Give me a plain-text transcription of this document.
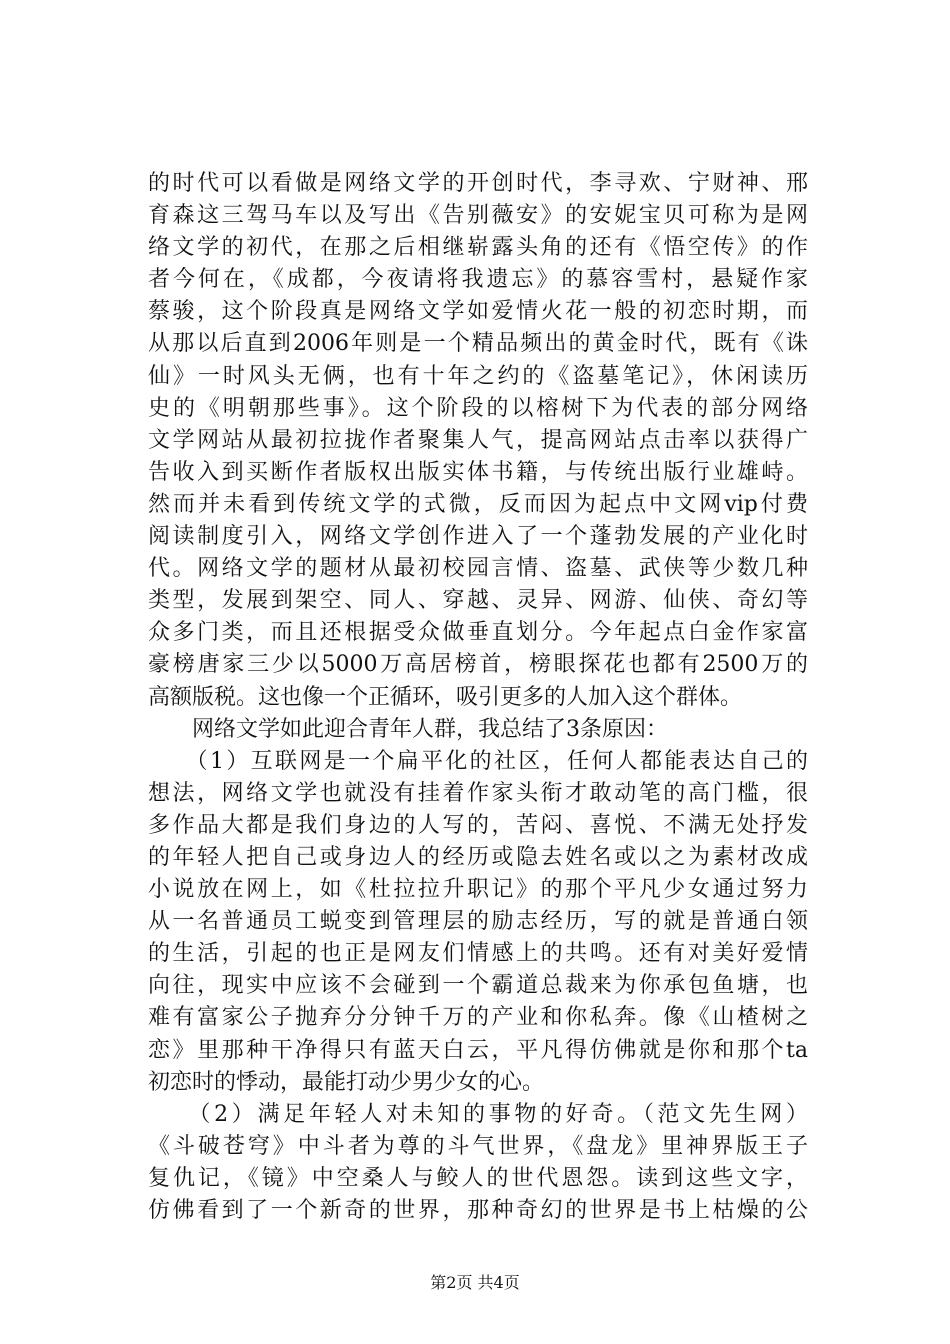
的时代可以看做是网络文学的开创时代，李寻欢、宁财神、邢
育森这三驾马车以及写出《告别薇安》的安妮宝贝可称为是网
络文学的初代，在那之后相继崭露头角的还有《悟空传》的作
者今何在，《成都，今夜请将我遗忘》的慕容雪村，悬疑作家
蔡骏，这个阶段真是网络文学如爱情火花一般的初恋时期，而
从那以后直到2006年则是一个精品频出的黄金时代，既有《诛
仙》一时风头无俩，也有十年之约的《盗墓笔记》，休闲读历
史的《明朝那些事》。这个阶段的以榕树下为代表的部分网络
文学网站从最初拉拢作者聚集人气，提高网站点击率以获得广
告收入到买断作者版权出版实体书籍，与传统出版行业雄峙。
然而并未看到传统文学的式微，反而因为起点中文网vip付费
阅读制度引入，网络文学创作进入了一个蓬勃发展的产业化时
代。网络文学的题材从最初校园言情、盗墓、武侠等少数几种
类型，发展到架空、同人、穿越、灵异、网游、仙侠、奇幻等
众多门类，而且还根据受众做垂直划分。今年起点白金作家富
豪榜唐家三少以5000万高居榜首，榜眼探花也都有2500万的
高额版税。这也像一个正循环，吸引更多的人加入这个群体。
　　网络文学如此迎合青年人群，我总结了3条原因：
　　（1）互联网是一个扁平化的社区，任何人都能表达自己的
想法，网络文学也就没有挂着作家头衔才敢动笔的高门槛，很
多作品大都是我们身边的人写的，苦闷、喜悦、不满无处抒发
的年轻人把自己或身边人的经历或隐去姓名或以之为素材改成
小说放在网上，如《杜拉拉升职记》的那个平凡少女通过努力
从一名普通员工蜕变到管理层的励志经历，写的就是普通白领
的生活，引起的也正是网友们情感上的共鸣。还有对美好爱情
向往，现实中应该不会碰到一个霸道总裁来为你承包鱼塘，也
难有富家公子抛弃分分钟千万的产业和你私奔。像《山楂树之
恋》里那种干净得只有蓝天白云，平凡得仿佛就是你和那个ta
初恋时的悸动，最能打动少男少女的心。
　　（2）满足年轻人对未知的事物的好奇。（范文先生网）
《斗破苍穹》中斗者为尊的斗气世界，《盘龙》里神界版王子
复仇记，《镜》中空桑人与鲛人的世代恩怨。读到这些文字，
仿佛看到了一个新奇的世界，那种奇幻的世界是书上枯燥的公
第2页 共4页
